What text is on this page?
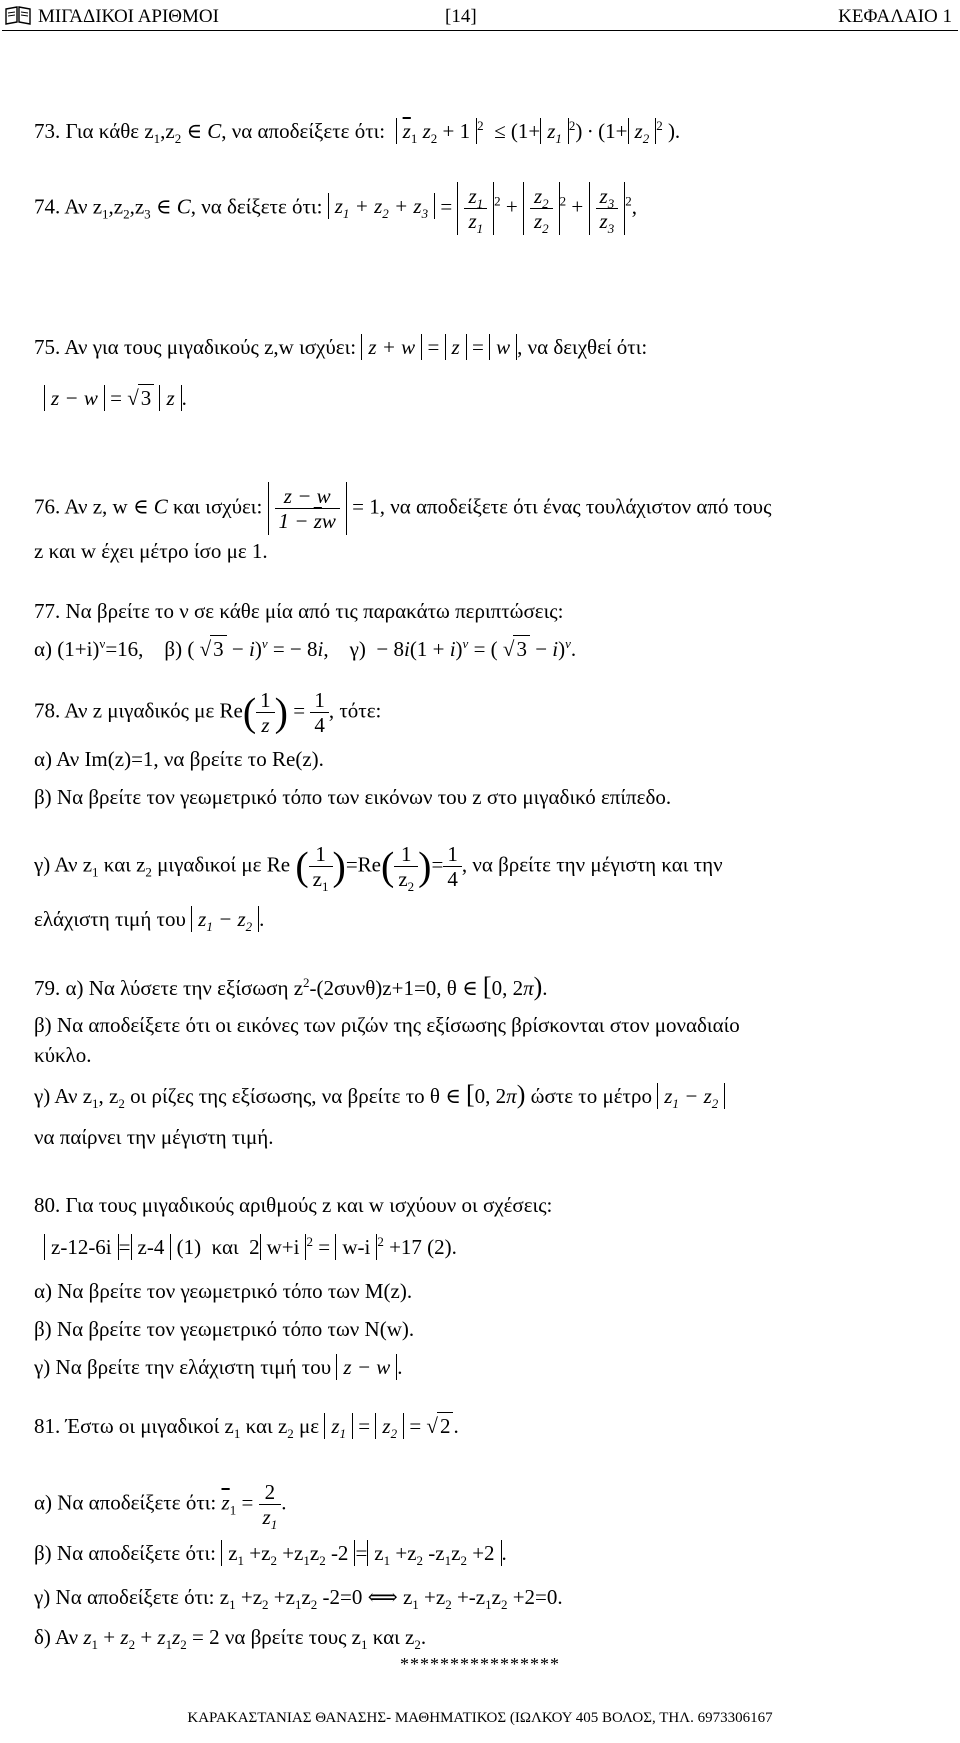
ΜΙΓΑΔΙΚΟΙ ΑΡΙΘΜΟΙ	[14]	ΚΕΦΑΛΑΙΟ 1
73. Για κάθε $z_1,z_2$ ∈ C, να αποδείξετε ότι: $\overline{z}_1$ $z_2 + 1$ $^2 \le (1+ z_1^2) \cdot (1+ z_2^2$ ).
74. Αν $z_1,z_2,z_3$ ∈ C, να δείξετε ότι: $z_1 + z_2 + z_3 = \frac{z_1}{z_1} ^2 + \frac{z_2}{z_2} ^2 + \frac{z_3}{z_3} ^2$,
75. Αν για τους μιγαδικούς z,w ισχύει: z + w = z = w , να δειχθεί ότι:
z − w = √3 z .
76. Αν z, w ∈ C και ισχύει: $\frac{z - w}{1 - \overline{z}w} = 1$, να αποδείξετε ότι ένας τουλάχιστον από τους
z και w έχει μέτρο ίσο με 1.
77. Να βρείτε το ν σε κάθε μία από τις παρακάτω περιπτώσεις:
α) $(1+i)^\nu=16$, β) ( √3 − i)$^\nu$ = − 8i,    $\gamma) - 8i(1 + i)^\nu$ = ( √3 − i)$^\nu$.
78. Αν z μιγαδικός με $Re( \frac{1}{z}$ ) = $\frac{1}{4}$ , τότε:
α) Αν Im(z)=1, να βρείτε το Re(z).
β) Να βρείτε τον γεωμετρικό τόπο των εικόνων του z στο μιγαδικό επίπεδο.
γ) Αν $z_1$ και $z_2$ μιγαδικοί με Re ( $\frac{1}{z_1} )=Re( \frac{1}{z_2}$ )= $\frac{1}{4}$ , να βρείτε την μέγιστη και την
ελάχιστη τιμή του $z_1 - z_2$ .
79. α) Να λύσετε την εξίσωση $z^2-(2\sigma\upsilon\nu\theta)z+1=0$, θ ∈ [0, 2π).
β) Να αποδείξετε ότι οι εικόνες των ριζών της εξίσωσης βρίσκονται στον μοναδιαίο
κύκλο.
γ) Αν $z_1$, $z_2$ οι ρίζες της εξίσωσης, να βρείτε το θ ∈ [0, 2π) ώστε το μέτρο $z_1 - z_2$
να παίρνει την μέγιστη τιμή.
80. Για τους μιγαδικούς αριθμούς z και w ισχύουν οι σχέσεις:
z-12-6i = z-4 (1)  και  2 w+i $^2$ = w-i $^2$ +17 (2).
α) Να βρείτε τον γεωμετρικό τόπο των Μ(z).
β) Να βρείτε τον γεωμετρικό τόπο των Ν(w).
γ) Να βρείτε την ελάχιστη τιμή του z − w .
81. Έστω οι μιγαδικοί $z_1$ και $z_2$ με $z_1 = z_2 = √2$ .
α) Να αποδείξετε ότι: $\overline{z}_1 = \frac{2}{z_1}$ .
β) Να αποδείξετε ότι: $z_1 +z_2 +z_1z_2$ $-2 = z_1 +z_2$ $-z_1z_2 +2$ .
γ) Να αποδείξετε ότι: $z_1 +z_2 +z_1z_2$ -2=0 ⟺ $z_1 +z_2 +-z_1z_2 +2=0$.
δ) Αν $z_1 + z_2 + z_1z_2 = 2$ να βρείτε τους $z_1$ και $z_2$.
****************
ΚΑΡΑΚΑΣΤΑΝΙΑΣ ΘΑΝΑΣΗΣ- ΜΑΘΗΜΑΤΙΚΟΣ (ΙΩΛΚΟΥ 405 ΒΟΛΟΣ, ΤΗΛ. 6973306167
